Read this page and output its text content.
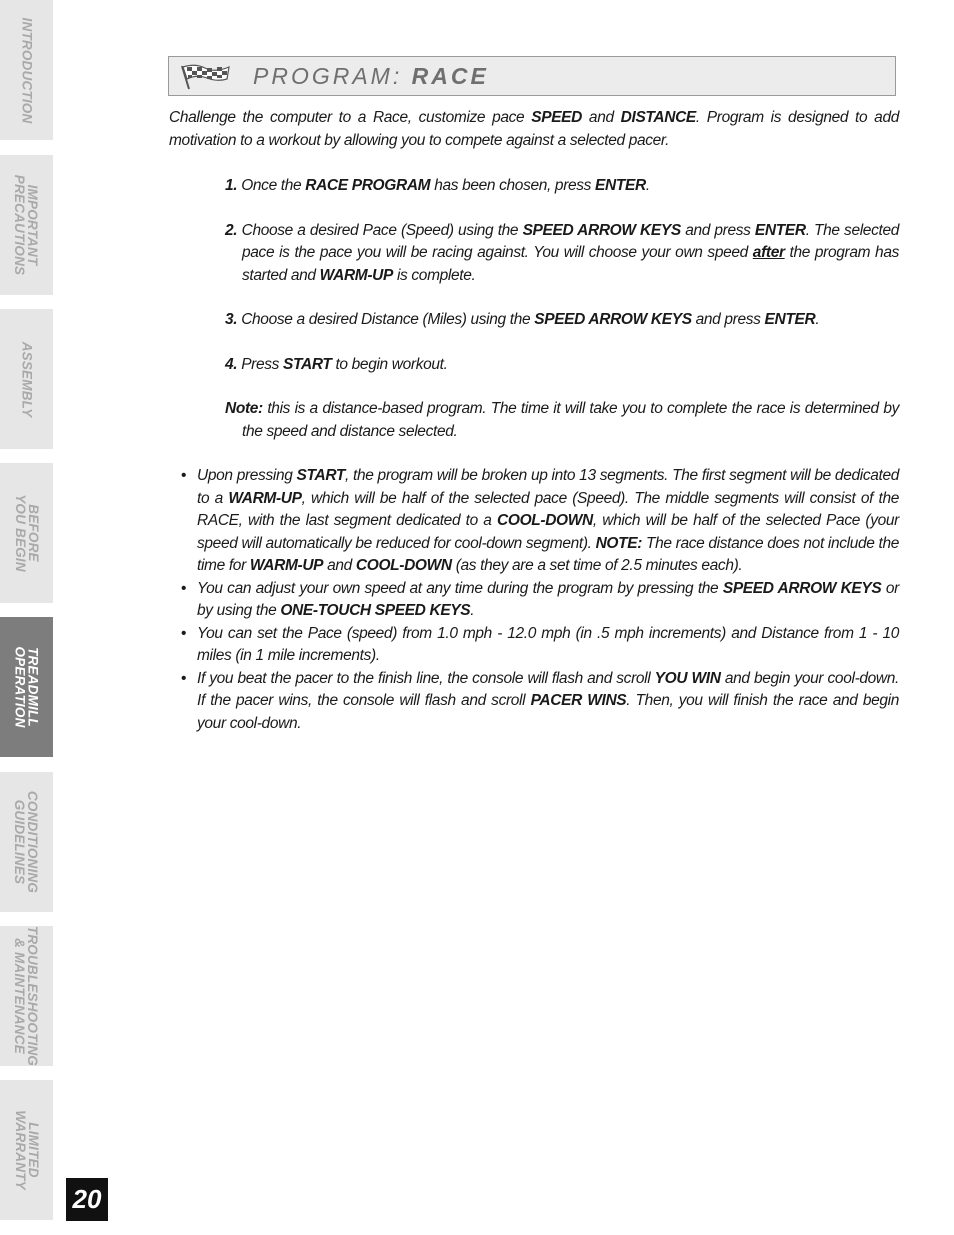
INTRODUCTION
IMPORTANT
PRECAUTIONS
ASSEMBLY
BEFORE
YOU BEGIN
TREADMILL
OPERATION
CONDITIONING
GUIDELINES
TROUBLESHOOTING
& MAINTENANCE
LIMITED
WARRANTY
PROGRAM: RACE

Challenge the computer to a Race, customize pace SPEED and DISTANCE. Program is designed to add motivation to a workout by allowing you to compete against a selected pacer.

1. Once the RACE PROGRAM has been chosen, press ENTER.

2. Choose a desired Pace (Speed) using the SPEED ARROW KEYS and press ENTER. The selected pace is the pace you will be racing against. You will choose your own speed after the program has started and WARM-UP is complete.

3. Choose a desired Distance (Miles) using the SPEED ARROW KEYS and press ENTER.

4. Press START to begin workout.

Note: this is a distance-based program. The time it will take you to complete the race is determined by the speed and distance selected.

• Upon pressing START, the program will be broken up into 13 segments. The first segment will be dedicated to a WARM-UP, which will be half of the selected pace (Speed). The middle segments will consist of the RACE, with the last segment dedicated to a COOL-DOWN, which will be half of the selected Pace (your speed will automatically be reduced for cool-down segment). NOTE: The race distance does not include the time for WARM-UP and COOL-DOWN (as they are a set time of 2.5 minutes each).
• You can adjust your own speed at any time during the program by pressing the SPEED ARROW KEYS or by using the ONE-TOUCH SPEED KEYS.
• You can set the Pace (speed) from 1.0 mph - 12.0 mph (in .5 mph increments) and Distance from 1 - 10 miles (in 1 mile increments).
• If you beat the pacer to the finish line, the console will flash and scroll YOU WIN and begin your cool-down. If the pacer wins, the console will flash and scroll PACER WINS. Then, you will finish the race and begin your cool-down.
20
